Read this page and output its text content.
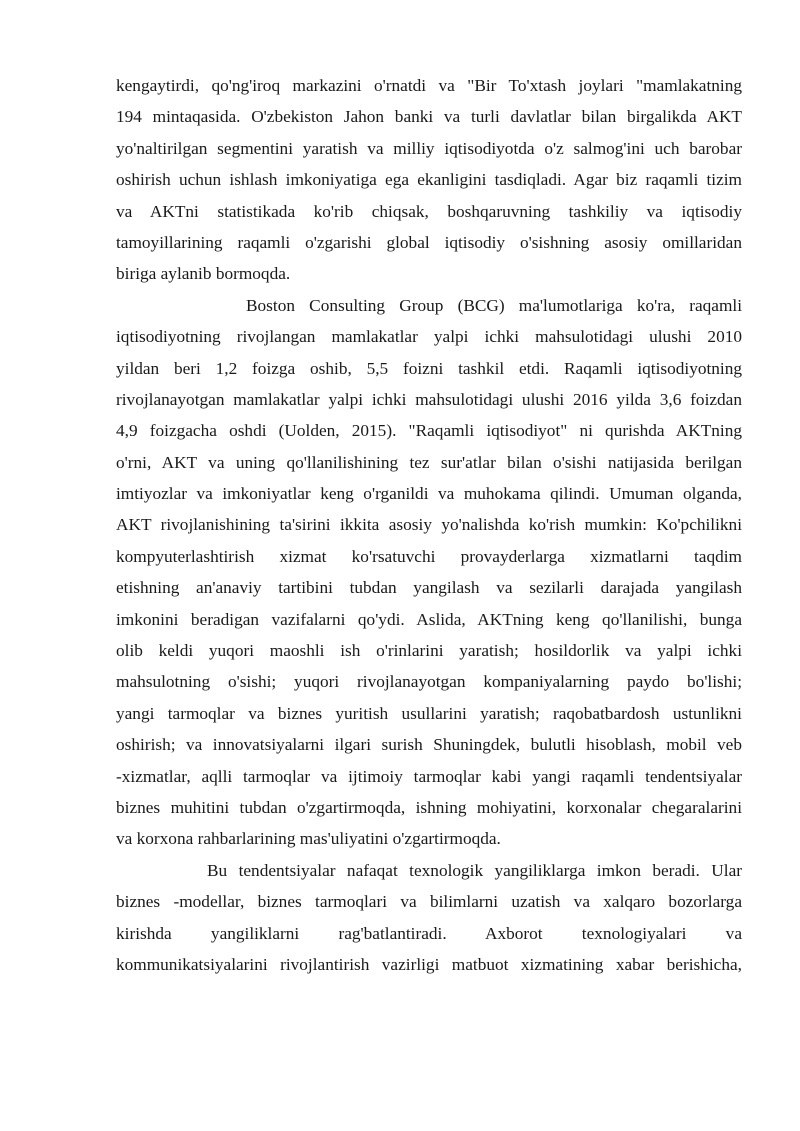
kengaytirdi, qo'ng'iroq markazini o'rnatdi va "Bir To'xtash joylari "mamlakatning
194 mintaqasida. O'zbekiston Jahon banki va turli davlatlar bilan birgalikda AKT
yo'naltirilgan segmentini yaratish va milliy iqtisodiyotda o'z salmog'ini uch barobar
oshirish uchun ishlash imkoniyatiga ega ekanligini tasdiqladi. Agar biz raqamli tizim
va AKTni statistikada ko'rib chiqsak, boshqaruvning tashkiliy va iqtisodiy
tamoyillarining raqamli o'zgarishi global iqtisodiy o'sishning asosiy omillaridan
biriga aylanib bormoqda.
Boston Consulting Group (BCG) ma'lumotlariga ko'ra, raqamli
iqtisodiyotning rivojlangan mamlakatlar yalpi ichki mahsulotidagi ulushi 2010
yildan beri 1,2 foizga oshib, 5,5 foizni tashkil etdi. Raqamli iqtisodiyotning
rivojlanayotgan mamlakatlar yalpi ichki mahsulotidagi ulushi 2016 yilda 3,6 foizdan
4,9 foizgacha oshdi (Uolden, 2015). "Raqamli iqtisodiyot" ni qurishda AKTning
o'rni, AKT va uning qo'llanilishining tez sur'atlar bilan o'sishi natijasida berilgan
imtiyozlar va imkoniyatlar keng o'rganildi va muhokama qilindi. Umuman olganda,
AKT rivojlanishining ta'sirini ikkita asosiy yo'nalishda ko'rish mumkin: Ko'pchilikni
kompyuterlashtirish xizmat ko'rsatuvchi provayderlarga xizmatlarni taqdim
etishning an'anaviy tartibini tubdan yangilash va sezilarli darajada yangilash
imkonini beradigan vazifalarni qo'ydi. Aslida, AKTning keng qo'llanilishi, bunga
olib keldi yuqori maoshli ish o'rinlarini yaratish; hosildorlik va yalpi ichki
mahsulotning o'sishi; yuqori rivojlanayotgan kompaniyalarning paydo bo'lishi;
yangi tarmoqlar va biznes yuritish usullarini yaratish; raqobatbardosh ustunlikni
oshirish; va innovatsiyalarni ilgari surish Shuningdek, bulutli hisoblash, mobil veb
-xizmatlar, aqlli tarmoqlar va ijtimoiy tarmoqlar kabi yangi raqamli tendentsiyalar
biznes muhitini tubdan o'zgartirmoqda, ishning mohiyatini, korxonalar chegaralarini
va korxona rahbarlarining mas'uliyatini o'zgartirmoqda.
Bu tendentsiyalar nafaqat texnologik yangiliklarga imkon beradi. Ular
biznes -modellar, biznes tarmoqlari va bilimlarni uzatish va xalqaro bozorlarga
kirishda yangiliklarni rag'batlantiradi. Axborot texnologiyalari va
kommunikatsiyalarini rivojlantirish vazirligi matbuot xizmatining xabar berishicha,
